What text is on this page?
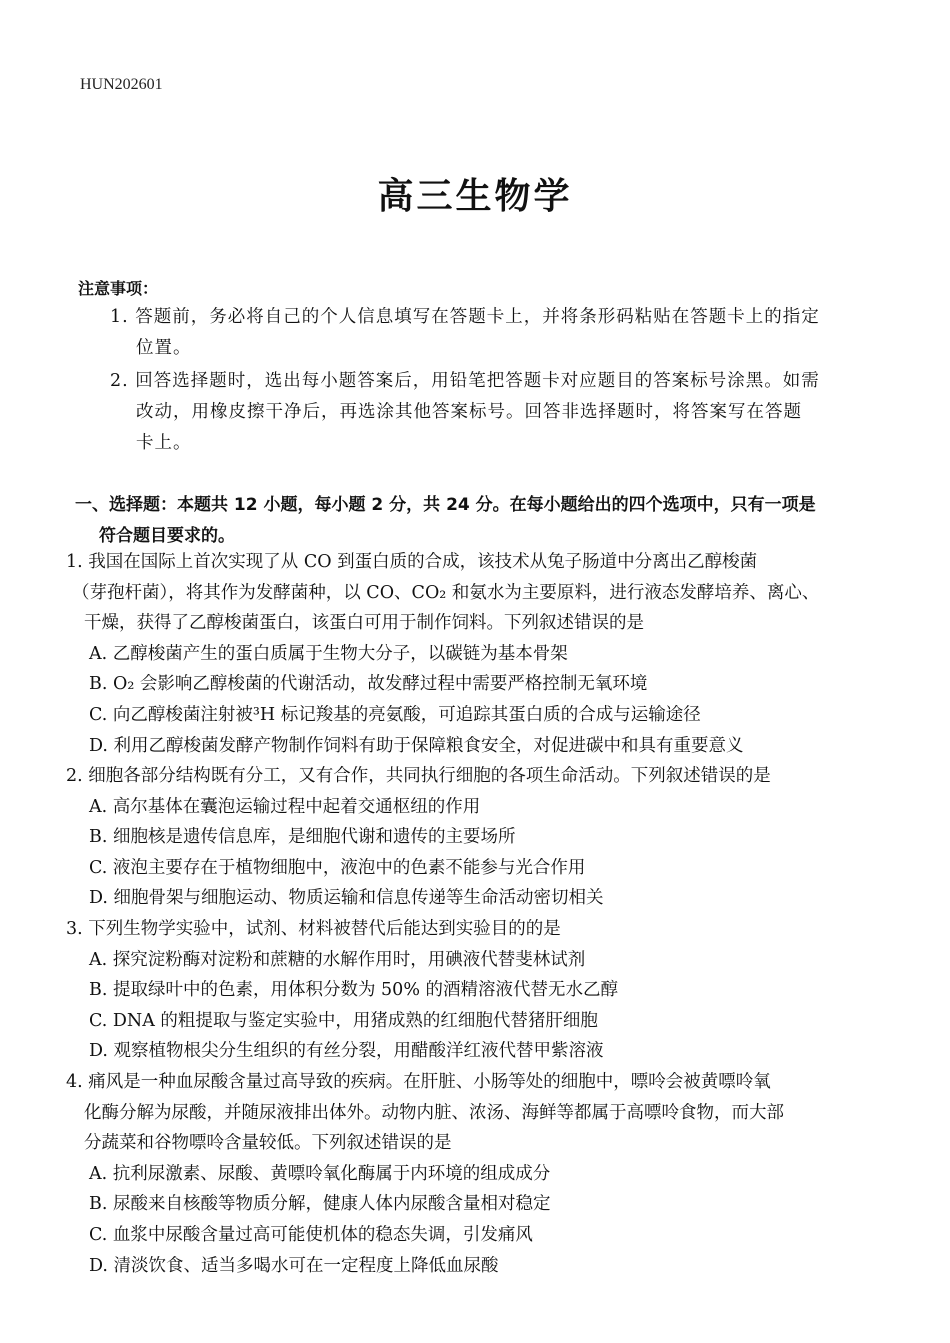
HUN202601
高三生物学
注意事项：
1. 答题前，务必将自己的个人信息填写在答题卡上，并将条形码粘贴在答题卡上的指定
位置。
2. 回答选择题时，选出每小题答案后，用铅笔把答题卡对应题目的答案标号涂黑。如需
改动，用橡皮擦干净后，再选涂其他答案标号。回答非选择题时，将答案写在答题
卡上。
一、选择题：本题共 12 小题，每小题 2 分，共 24 分。在每小题给出的四个选项中，只有一项是
符合题目要求的。
1. 我国在国际上首次实现了从 CO 到蛋白质的合成，该技术从兔子肠道中分离出乙醇梭菌
（芽孢杆菌），将其作为发酵菌种，以 CO、CO₂ 和氨水为主要原料，进行液态发酵培养、离心、
干燥，获得了乙醇梭菌蛋白，该蛋白可用于制作饲料。下列叙述错误的是
A. 乙醇梭菌产生的蛋白质属于生物大分子，以碳链为基本骨架
B. O₂ 会影响乙醇梭菌的代谢活动，故发酵过程中需要严格控制无氧环境
C. 向乙醇梭菌注射被³H 标记羧基的亮氨酸，可追踪其蛋白质的合成与运输途径
D. 利用乙醇梭菌发酵产物制作饲料有助于保障粮食安全，对促进碳中和具有重要意义
2. 细胞各部分结构既有分工，又有合作，共同执行细胞的各项生命活动。下列叙述错误的是
A. 高尔基体在囊泡运输过程中起着交通枢纽的作用
B. 细胞核是遗传信息库，是细胞代谢和遗传的主要场所
C. 液泡主要存在于植物细胞中，液泡中的色素不能参与光合作用
D. 细胞骨架与细胞运动、物质运输和信息传递等生命活动密切相关
3. 下列生物学实验中，试剂、材料被替代后能达到实验目的的是
A. 探究淀粉酶对淀粉和蔗糖的水解作用时，用碘液代替斐林试剂
B. 提取绿叶中的色素，用体积分数为 50% 的酒精溶液代替无水乙醇
C. DNA 的粗提取与鉴定实验中，用猪成熟的红细胞代替猪肝细胞
D. 观察植物根尖分生组织的有丝分裂，用醋酸洋红液代替甲紫溶液
4. 痛风是一种血尿酸含量过高导致的疾病。在肝脏、小肠等处的细胞中，嘌呤会被黄嘌呤氧
化酶分解为尿酸，并随尿液排出体外。动物内脏、浓汤、海鲜等都属于高嘌呤食物，而大部
分蔬菜和谷物嘌呤含量较低。下列叙述错误的是
A. 抗利尿激素、尿酸、黄嘌呤氧化酶属于内环境的组成成分
B. 尿酸来自核酸等物质分解，健康人体内尿酸含量相对稳定
C. 血浆中尿酸含量过高可能使机体的稳态失调，引发痛风
D. 清淡饮食、适当多喝水可在一定程度上降低血尿酸
